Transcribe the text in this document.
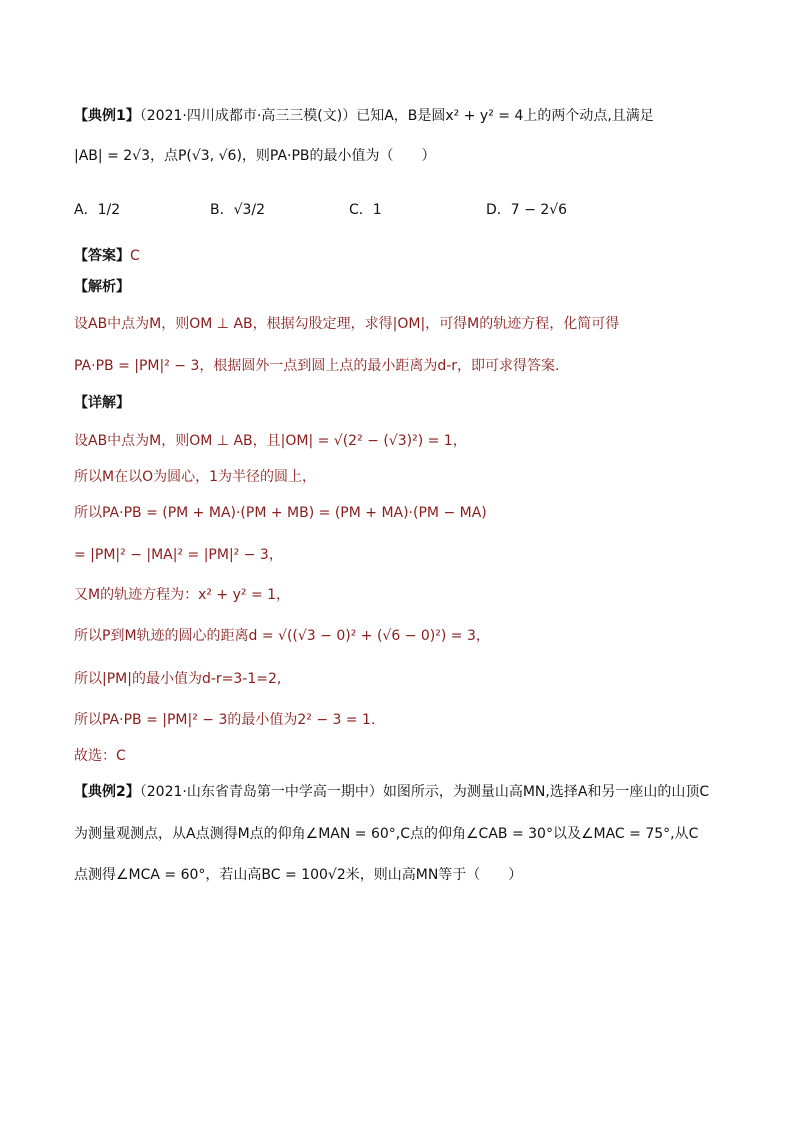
【典例1】（2021·四川成都市·高三三模(文)）已知A，B是圆x² + y² = 4上的两个动点,且满足
|AB| = 2√3，点P(√3, √6)，则PA·PB的最小值为（　　）
A．1/2	B．√3/2	C．1	D．7 − 2√6
【答案】C
【解析】
设AB中点为M，则OM ⊥ AB，根据勾股定理，求得|OM|，可得M的轨迹方程，化简可得
PA·PB = |PM|² − 3，根据圆外一点到圆上点的最小距离为d-r，即可求得答案.
【详解】
设AB中点为M，则OM ⊥ AB，且|OM| = √(2² − (√3)²) = 1，
所以M在以O为圆心，1为半径的圆上，
所以PA·PB = (PM + MA)·(PM + MB) = (PM + MA)·(PM − MA)
= |PM|² − |MA|² = |PM|² − 3，
又M的轨迹方程为：x² + y² = 1，
所以P到M轨迹的圆心的距离d = √((√3 − 0)² + (√6 − 0)²) = 3，
所以|PM|的最小值为d-r=3-1=2,
所以PA·PB = |PM|² − 3的最小值为2² − 3 = 1.
故选：C
【典例2】（2021·山东省青岛第一中学高一期中）如图所示，为测量山高MN,选择A和另一座山的山顶C
为测量观测点，从A点测得M点的仰角∠MAN = 60°,C点的仰角∠CAB = 30°以及∠MAC = 75°,从C
点测得∠MCA = 60°，若山高BC = 100√2米，则山高MN等于（　　）
